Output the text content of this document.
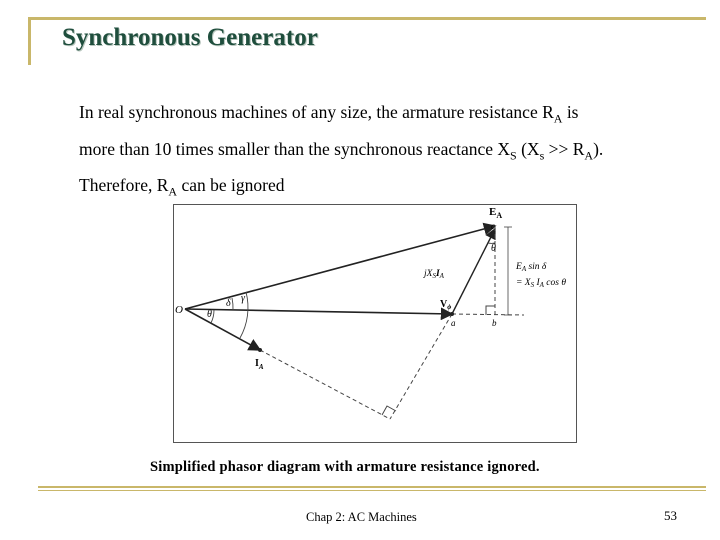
Synchronous Generator
In real synchronous machines of any size, the armature resistance $R_A$ is
more than 10 times smaller than the synchronous reactance $X_S$ $(X_s >> R_A)$.
Therefore, $R_A$ can be ignored
$E_A$
c
θ
$jX_SI_A$
$E_A$ sin δ
= $X_S$ $I_A$ cos θ
O
δ γ
θ
$V_\phi$
a	b
$I_A$
Simplified phasor diagram with armature resistance ignored.
Chap 2: AC Machines	53
